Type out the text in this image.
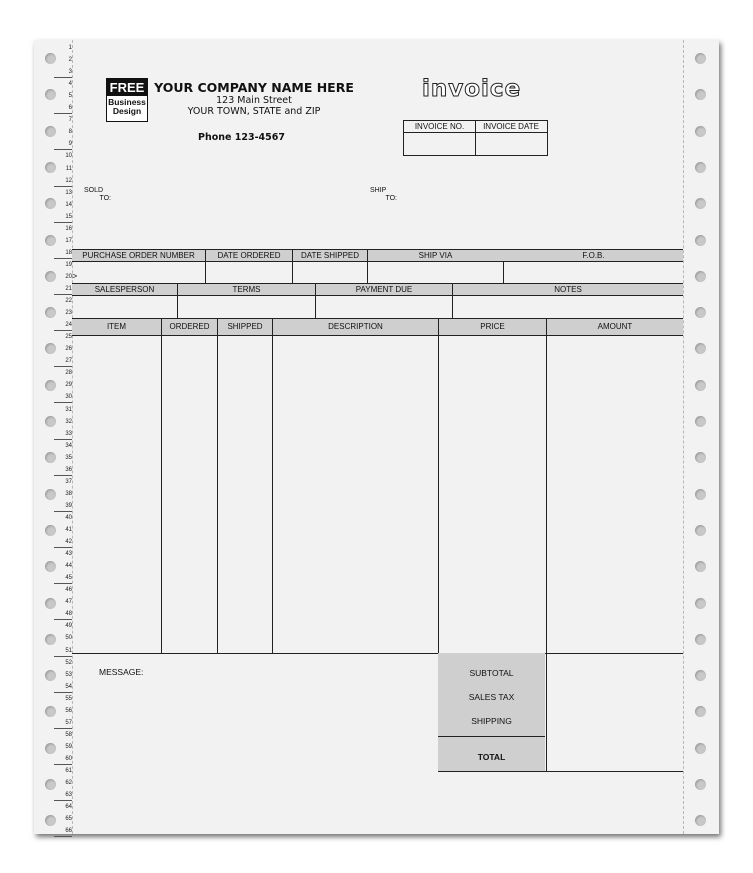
1
2
3
4
5
6
7
8
9
10
11
12
13
14
15
16
17
18
19
20
21
22
23
24
25
26
27
28
29
30
31
32
33
34
35
36
37
38
39
40
41
42
43
44
45
46
47
48
49
50
51
52
53
54
55
56
57
58
59
60
61
62
63
64
65
66
>
FREE
Business
Design
YOUR COMPANY NAME HERE
123 Main Street
YOUR TOWN, STATE and ZIP
Phone 123-4567
invoice
INVOICE NO.	INVOICE DATE
SOLD
TO:
SHIP
TO:
PURCHASE ORDER NUMBER	DATE ORDERED	DATE SHIPPED	SHIP VIA	F.O.B.
SALESPERSON	TERMS	PAYMENT DUE	NOTES
ITEM	ORDERED	SHIPPED	DESCRIPTION	PRICE	AMOUNT
MESSAGE:	SUBTOTAL
SALES TAX
SHIPPING
TOTAL
